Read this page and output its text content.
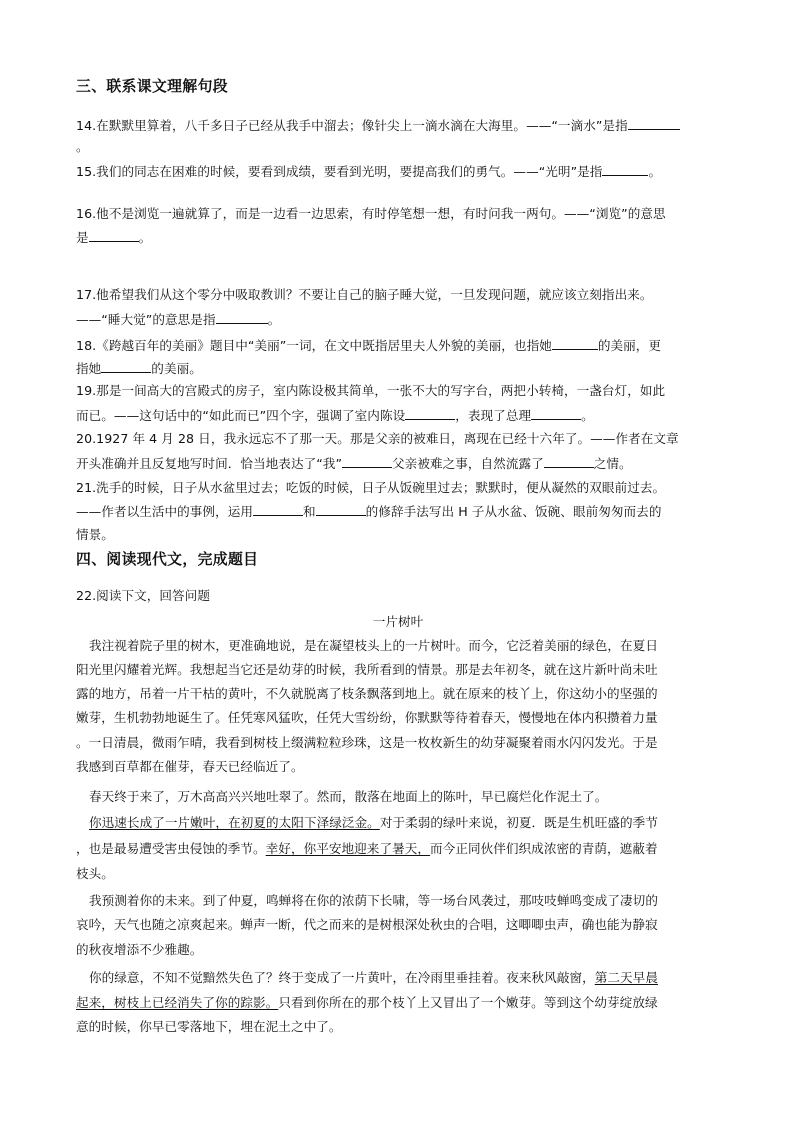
三、联系课文理解句段
14.在默默里算着，八千多日子已经从我手中溜去；像针尖上一滴水滴在大海里。——“一滴水”是指
。
15.我们的同志在困难的时候，要看到成绩，要看到光明，要提高我们的勇气。——“光明”是指	。
16.他不是浏览一遍就算了，而是一边看一边思索，有时停笔想一想，有时问我一两句。——“浏览”的意思
是	。
17.他希望我们从这个零分中吸取教训？不要让自己的脑子睡大觉，一旦发现问题，就应该立刻指出来。
——“睡大觉”的意思是指	。
18.《跨越百年的美丽》题目中“美丽”一词，在文中既指居里夫人外貌的美丽，也指她	的美丽，更
指她	的美丽。
19.那是一间高大的宫殿式的房子，室内陈设极其简单，一张不大的写字台，两把小转椅，一盏台灯，如此
而已。——这句话中的“如此而已”四个字，强调了室内陈设	，表现了总理	。
20.1927 年 4 月 28 日，我永远忘不了那一天。那是父亲的被难日，离现在已经十六年了。——作者在文章
开头准确并且反复地写时间．恰当地表达了“我”	父亲被难之事，自然流露了	之情。
21.洗手的时候，日子从水盆里过去；吃饭的时候，日子从饭碗里过去；默默时，便从凝然的双眼前过去。
——作者以生活中的事例，运用	和	的修辞手法写出 H 子从水盆、饭碗、眼前匆匆而去的
情景。
四、阅读现代文，完成题目
22.阅读下文，回答问题
一片树叶
我注视着院子里的树木，更准确地说，是在凝望枝头上的一片树叶。而今，它泛着美丽的绿色，在夏日
阳光里闪耀着光辉。我想起当它还是幼芽的时候，我所看到的情景。那是去年初冬，就在这片新叶尚未吐
露的地方，吊着一片干枯的黄叶，不久就脱离了枝条飘落到地上。就在原来的枝丫上，你这幼小的坚强的
嫩芽，生机勃勃地诞生了。任凭寒风猛吹，任凭大雪纷纷，你默默等待着春天，慢慢地在体内积攒着力量
。一日清晨，微雨乍晴，我看到树枝上缀满粒粒珍珠，这是一枚枚新生的幼芽凝聚着雨水闪闪发光。于是
我感到百草都在催芽，春天已经临近了。
春天终于来了，万木高高兴兴地吐翠了。然而，散落在地面上的陈叶，早已腐烂化作泥土了。
你迅速长成了一片嫩叶，在初夏的太阳下泽绿泛金。对于柔弱的绿叶来说，初夏．既是生机旺盛的季节
，也是最易遭受害虫侵蚀的季节。幸好，你平安地迎来了暑天，而今正同伙伴们织成浓密的青荫，遮蔽着
枝头。
我预测着你的未来。到了仲夏，鸣蝉将在你的浓荫下长啸，等一场台风袭过，那吱吱蝉鸣变成了凄切的
哀吟，天气也随之凉爽起来。蝉声一断，代之而来的是树根深处秋虫的合唱，这唧唧虫声，确也能为静寂
的秋夜增添不少雅趣。
你的绿意，不知不觉黯然失色了？终于变成了一片黄叶，在冷雨里垂挂着。夜来秋风敲窗，第二天早晨
起来，树枝上已经消失了你的踪影。只看到你所在的那个枝丫上又冒出了一个嫩芽。等到这个幼芽绽放绿
意的时候，你早已零落地下，埋在泥土之中了。
